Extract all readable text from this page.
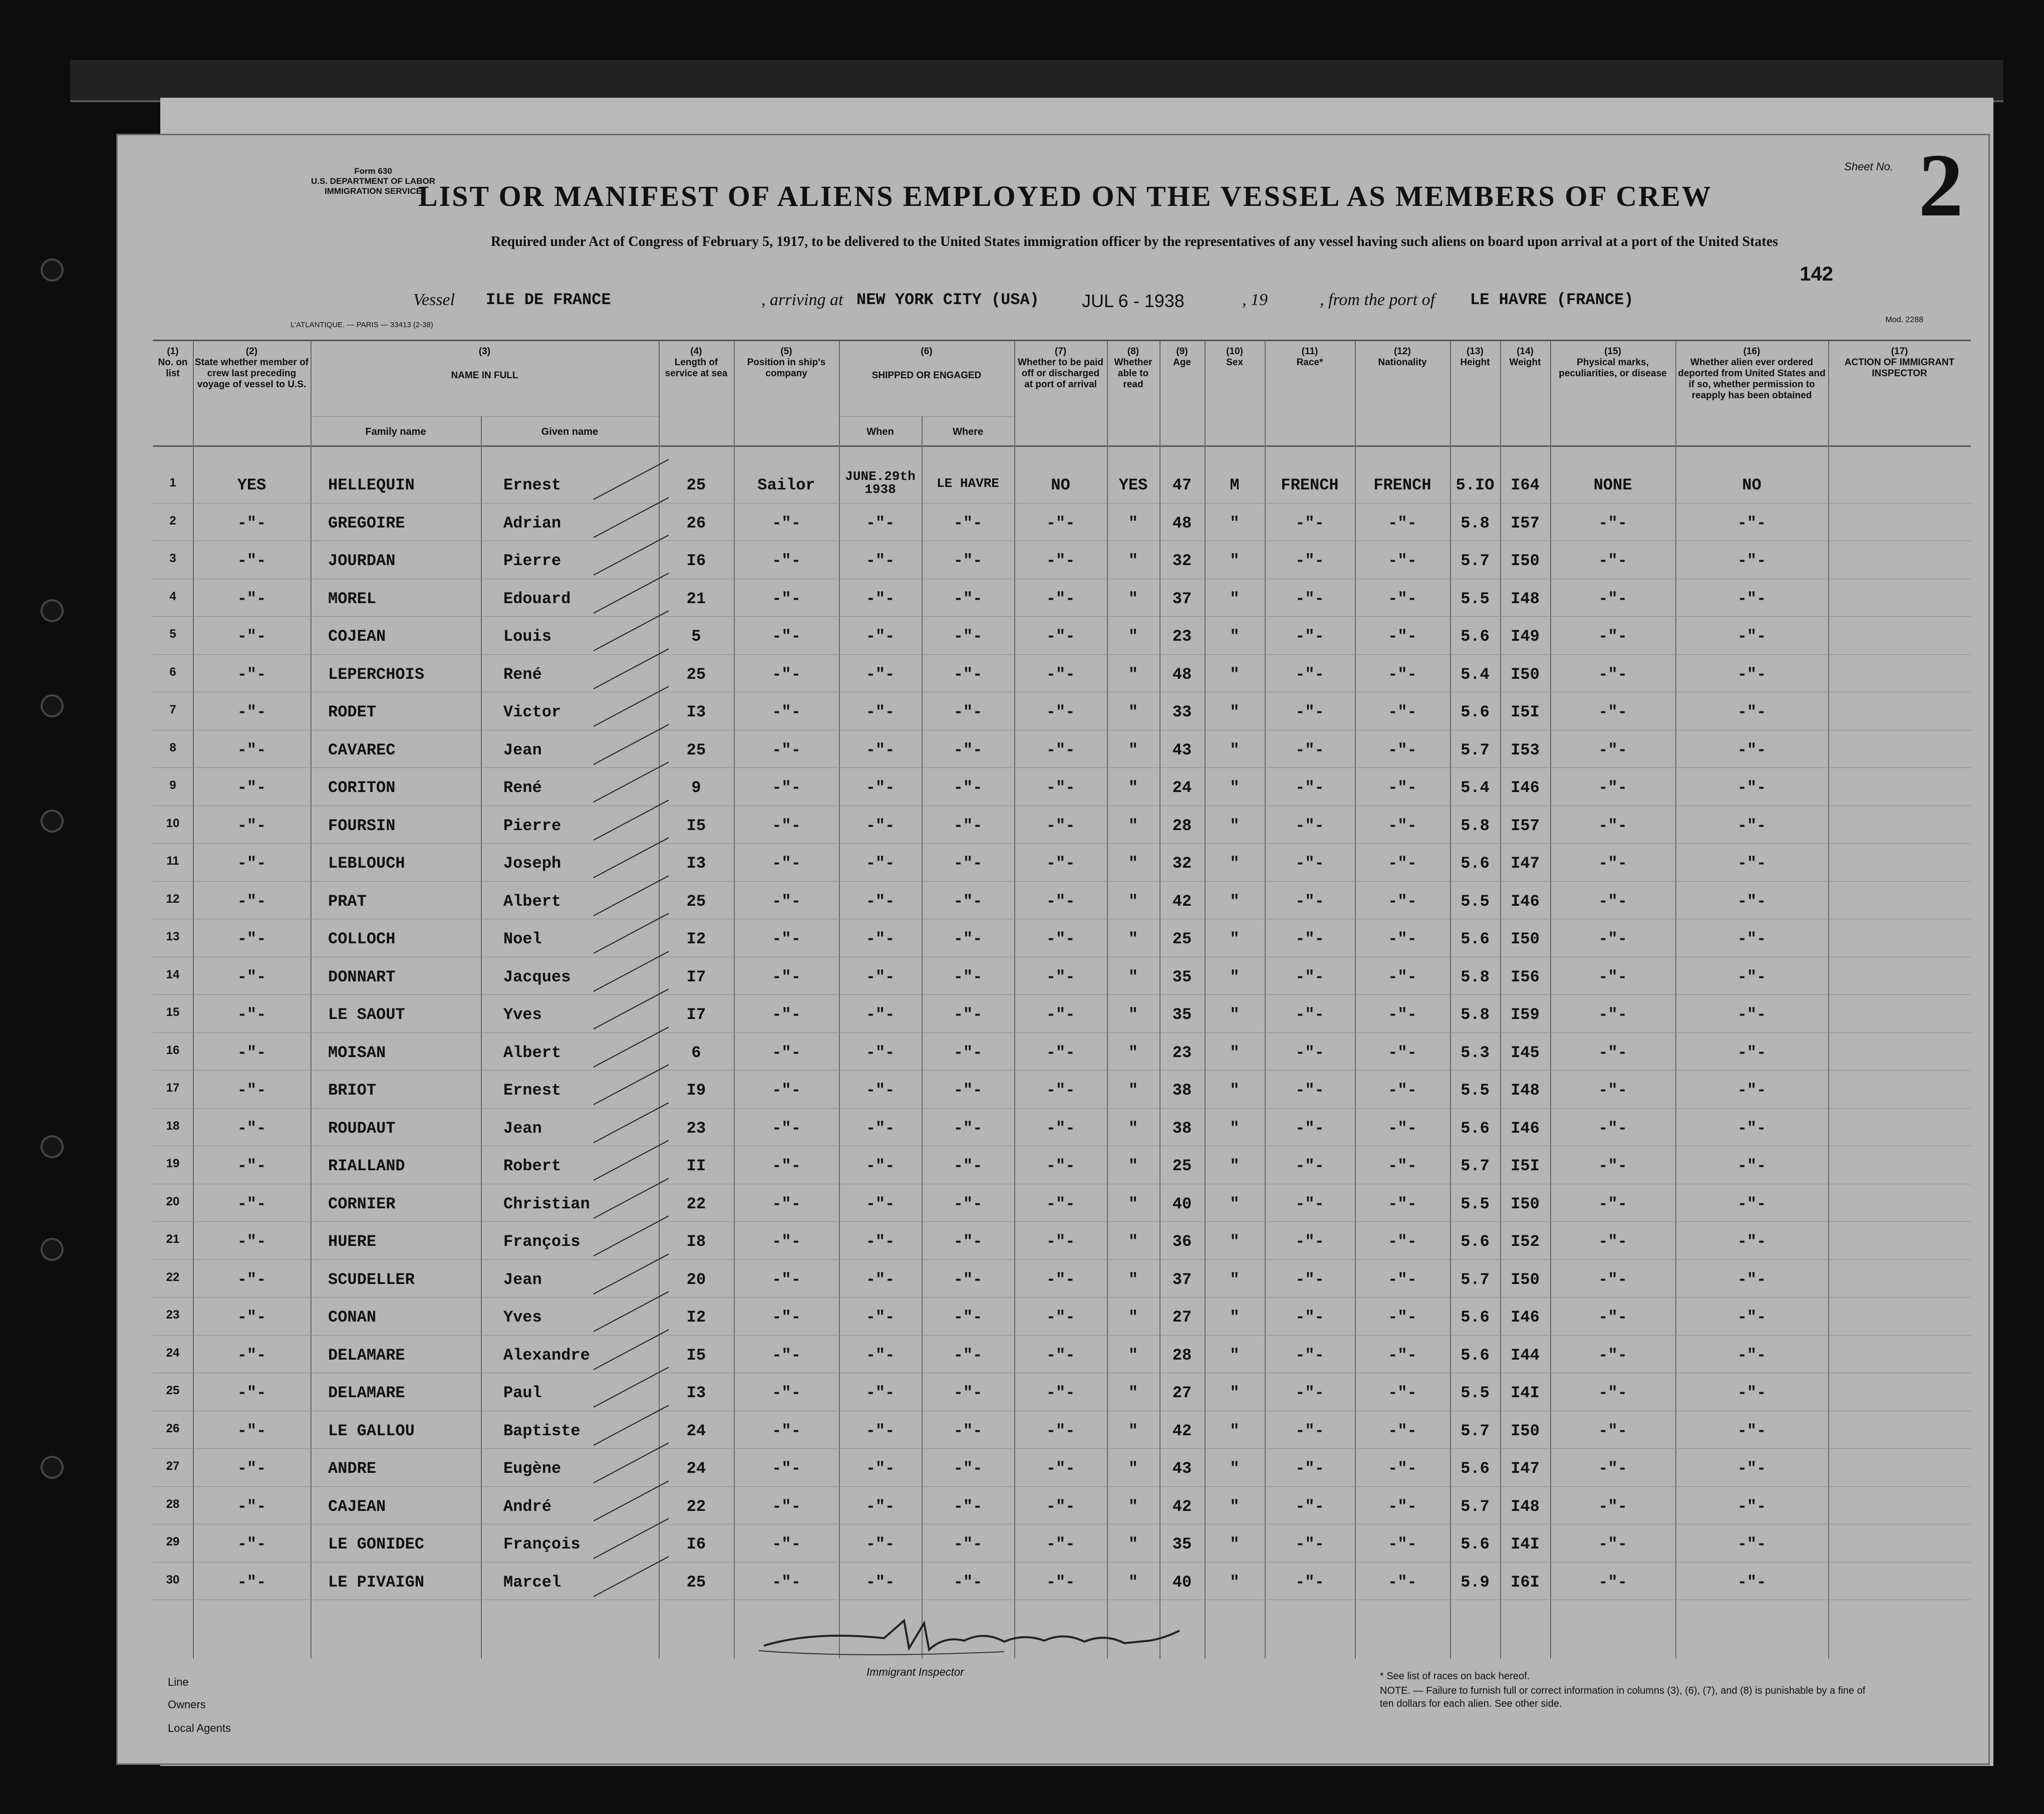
Form 630
U.S. DEPARTMENT OF LABOR
IMMIGRATION SERVICE
Sheet No. 2
LIST OR MANIFEST OF ALIENS EMPLOYED ON THE VESSEL AS MEMBERS OF CREW
Required under Act of Congress of February 5, 1917, to be delivered to the United States immigration officer by the representatives of any vessel having such aliens on board upon arrival at a port of the United States
142
Vessel ILE DE FRANCE	, arriving at NEW YORK CITY (USA) JUL 6 - 1938	, 19	, from the port of LE HAVRE (FRANCE)
L'ATLANTIQUE. — PARIS — 33413 (2-38)
Mod. 2288
(1)
No. on list
(2)
State whether member of crew last preceding voyage of vessel to U.S.
(3)
NAME IN FULL
(4)
Length of service at sea
(5)
Position in ship's company
(6)
SHIPPED OR ENGAGED
(7)
Whether to be paid off or discharged at port of arrival
(8)
Whether able to read
(9)
Age
(10)
Sex
(11)
Race*
(12)
Nationality
(13)
Height
(14)
Weight
(15)
Physical marks, peculiarities, or disease
(16)
Whether alien ever ordered deported from United States and if so, whether permission to reapply has been obtained
(17)
ACTION OF IMMIGRANT INSPECTOR
Family name	Given name	When	Where
1	YES	HELLEQUIN	Ernest	25	Sailor	JUNE.29th 1938	LE HAVRE	NO	YES	47	M	FRENCH	FRENCH	5.IO	I64	NONE	NO
2	-"-	GREGOIRE	Adrian	26	-"-	-"-	-"-	-"-	"	48	"	-"-	-"-	5.8	I57	-"-	-"-
3	-"-	JOURDAN	Pierre	I6	-"-	-"-	-"-	-"-	"	32	"	-"-	-"-	5.7	I50	-"-	-"-
4	-"-	MOREL	Edouard	21	-"-	-"-	-"-	-"-	"	37	"	-"-	-"-	5.5	I48	-"-	-"-
5	-"-	COJEAN	Louis	5	-"-	-"-	-"-	-"-	"	23	"	-"-	-"-	5.6	I49	-"-	-"-
6	-"-	LEPERCHOIS	René	25	-"-	-"-	-"-	-"-	"	48	"	-"-	-"-	5.4	I50	-"-	-"-
7	-"-	RODET	Victor	I3	-"-	-"-	-"-	-"-	"	33	"	-"-	-"-	5.6	I5I	-"-	-"-
8	-"-	CAVAREC	Jean	25	-"-	-"-	-"-	-"-	"	43	"	-"-	-"-	5.7	I53	-"-	-"-
9	-"-	CORITON	René	9	-"-	-"-	-"-	-"-	"	24	"	-"-	-"-	5.4	I46	-"-	-"-
10	-"-	FOURSIN	Pierre	I5	-"-	-"-	-"-	-"-	"	28	"	-"-	-"-	5.8	I57	-"-	-"-
11	-"-	LEBLOUCH	Joseph	I3	-"-	-"-	-"-	-"-	"	32	"	-"-	-"-	5.6	I47	-"-	-"-
12	-"-	PRAT	Albert	25	-"-	-"-	-"-	-"-	"	42	"	-"-	-"-	5.5	I46	-"-	-"-
13	-"-	COLLOCH	Noel	I2	-"-	-"-	-"-	-"-	"	25	"	-"-	-"-	5.6	I50	-"-	-"-
14	-"-	DONNART	Jacques	I7	-"-	-"-	-"-	-"-	"	35	"	-"-	-"-	5.8	I56	-"-	-"-
15	-"-	LE SAOUT	Yves	I7	-"-	-"-	-"-	-"-	"	35	"	-"-	-"-	5.8	I59	-"-	-"-
16	-"-	MOISAN	Albert	6	-"-	-"-	-"-	-"-	"	23	"	-"-	-"-	5.3	I45	-"-	-"-
17	-"-	BRIOT	Ernest	I9	-"-	-"-	-"-	-"-	"	38	"	-"-	-"-	5.5	I48	-"-	-"-
18	-"-	ROUDAUT	Jean	23	-"-	-"-	-"-	-"-	"	38	"	-"-	-"-	5.6	I46	-"-	-"-
19	-"-	RIALLAND	Robert	II	-"-	-"-	-"-	-"-	"	25	"	-"-	-"-	5.7	I5I	-"-	-"-
20	-"-	CORNIER	Christian	22	-"-	-"-	-"-	-"-	"	40	"	-"-	-"-	5.5	I50	-"-	-"-
21	-"-	HUERE	François	I8	-"-	-"-	-"-	-"-	"	36	"	-"-	-"-	5.6	I52	-"-	-"-
22	-"-	SCUDELLER	Jean	20	-"-	-"-	-"-	-"-	"	37	"	-"-	-"-	5.7	I50	-"-	-"-
23	-"-	CONAN	Yves	I2	-"-	-"-	-"-	-"-	"	27	"	-"-	-"-	5.6	I46	-"-	-"-
24	-"-	DELAMARE	Alexandre	I5	-"-	-"-	-"-	-"-	"	28	"	-"-	-"-	5.6	I44	-"-	-"-
25	-"-	DELAMARE	Paul	I3	-"-	-"-	-"-	-"-	"	27	"	-"-	-"-	5.5	I4I	-"-	-"-
26	-"-	LE GALLOU	Baptiste	24	-"-	-"-	-"-	-"-	"	42	"	-"-	-"-	5.7	I50	-"-	-"-
27	-"-	ANDRE	Eugène	24	-"-	-"-	-"-	-"-	"	43	"	-"-	-"-	5.6	I47	-"-	-"-
28	-"-	CAJEAN	André	22	-"-	-"-	-"-	-"-	"	42	"	-"-	-"-	5.7	I48	-"-	-"-
29	-"-	LE GONIDEC	François	I6	-"-	-"-	-"-	-"-	"	35	"	-"-	-"-	5.6	I4I	-"-	-"-
30	-"-	LE PIVAIGN	Marcel	25	-"-	-"-	-"-	-"-	"	40	"	-"-	-"-	5.9	I6I	-"-	-"-
Immigrant Inspector
Line
Owners
Local Agents
* See list of races on back hereof.
NOTE. — Failure to furnish full or correct information in columns (3), (6), (7), and (8) is punishable by a fine of ten dollars for each alien. See other side.
